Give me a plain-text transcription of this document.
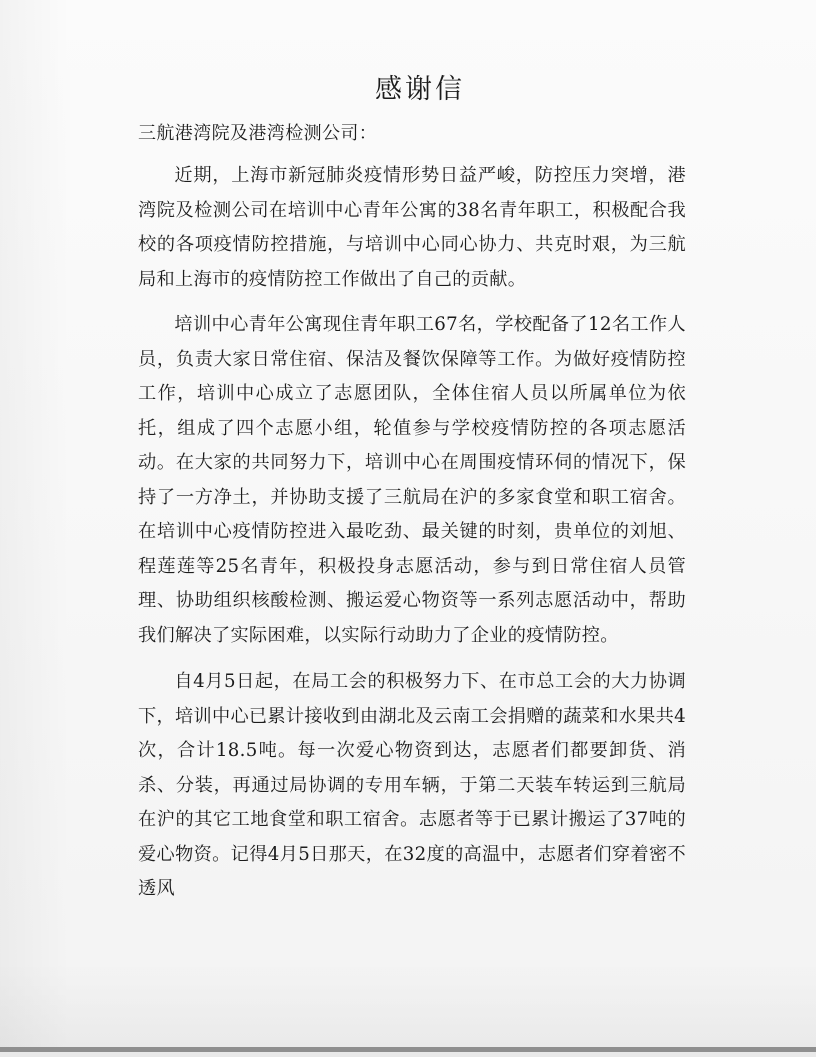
感谢信

三航港湾院及港湾检测公司：

近期，上海市新冠肺炎疫情形势日益严峻，防控压力突增，港湾院及检测公司在培训中心青年公寓的38名青年职工，积极配合我校的各项疫情防控措施，与培训中心同心协力、共克时艰，为三航局和上海市的疫情防控工作做出了自己的贡献。

培训中心青年公寓现住青年职工67名，学校配备了12名工作人员，负责大家日常住宿、保洁及餐饮保障等工作。为做好疫情防控工作，培训中心成立了志愿团队，全体住宿人员以所属单位为依托，组成了四个志愿小组，轮值参与学校疫情防控的各项志愿活动。在大家的共同努力下，培训中心在周围疫情环伺的情况下，保持了一方净土，并协助支援了三航局在沪的多家食堂和职工宿舍。在培训中心疫情防控进入最吃劲、最关键的时刻，贵单位的刘旭、程莲莲等25名青年，积极投身志愿活动，参与到日常住宿人员管理、协助组织核酸检测、搬运爱心物资等一系列志愿活动中，帮助我们解决了实际困难，以实际行动助力了企业的疫情防控。

自4月5日起，在局工会的积极努力下、在市总工会的大力协调下，培训中心已累计接收到由湖北及云南工会捐赠的蔬菜和水果共4次，合计18.5吨。每一次爱心物资到达，志愿者们都要卸货、消杀、分装，再通过局协调的专用车辆，于第二天装车转运到三航局在沪的其它工地食堂和职工宿舍。志愿者等于已累计搬运了37吨的爱心物资。记得4月5日那天，在32度的高温中，志愿者们穿着密不透风
